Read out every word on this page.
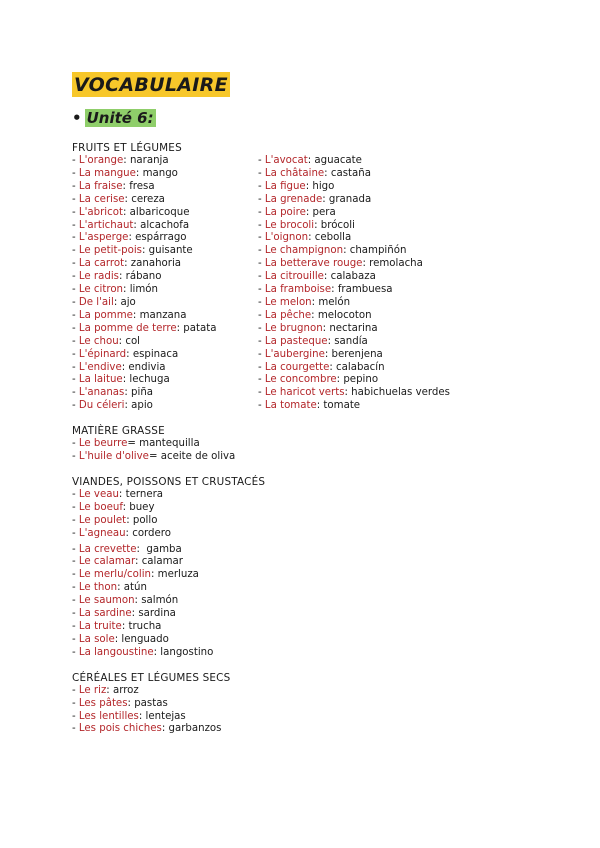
VOCABULAIRE
• Unité 6:
FRUITS ET LÉGUMES
- L'orange: naranja
- La mangue: mango
- La fraise: fresa
- La cerise: cereza
- L'abricot: albaricoque
- L'artichaut: alcachofa
- L'asperge: espárrago
- Le petit-pois: guisante
- La carrot: zanahoria
- Le radis: rábano
- Le citron: limón
- De l'ail: ajo
- La pomme: manzana
- La pomme de terre: patata
- Le chou: col
- L'épinard: espinaca
- L'endive: endivia
- La laitue: lechuga
- L'ananas: piña
- Du céleri: apio
- L'avocat: aguacate
- La châtaine: castaña
- La figue: higo
- La grenade: granada
- La poire: pera
- Le brocoli: brócoli
- L'oignon: cebolla
- Le champignon: champiñón
- La betterave rouge: remolacha
- La citrouille: calabaza
- La framboise: frambuesa
- Le melon: melón
- La pêche: melocoton
- Le brugnon: nectarina
- La pasteque: sandía
- L'aubergine: berenjena
- La courgette: calabacín
- Le concombre: pepino
- Le haricot verts: habichuelas verdes
- La tomate: tomate
MATIÈRE GRASSE
- Le beurre= mantequilla
- L'huile d'olive= aceite de oliva
VIANDES, POISSONS ET CRUSTACÉS
- Le veau: ternera
- Le boeuf: buey
- Le poulet: pollo
- L'agneau: cordero
- La crevette:  gamba
- Le calamar: calamar
- Le merlu/colin: merluza
- Le thon: atún
- Le saumon: salmón
- La sardine: sardina
- La truite: trucha
- La sole: lenguado
- La langoustine: langostino
CÉRÉALES ET LÉGUMES SECS
- Le riz: arroz
- Les pâtes: pastas
- Les lentilles: lentejas
- Les pois chiches: garbanzos
